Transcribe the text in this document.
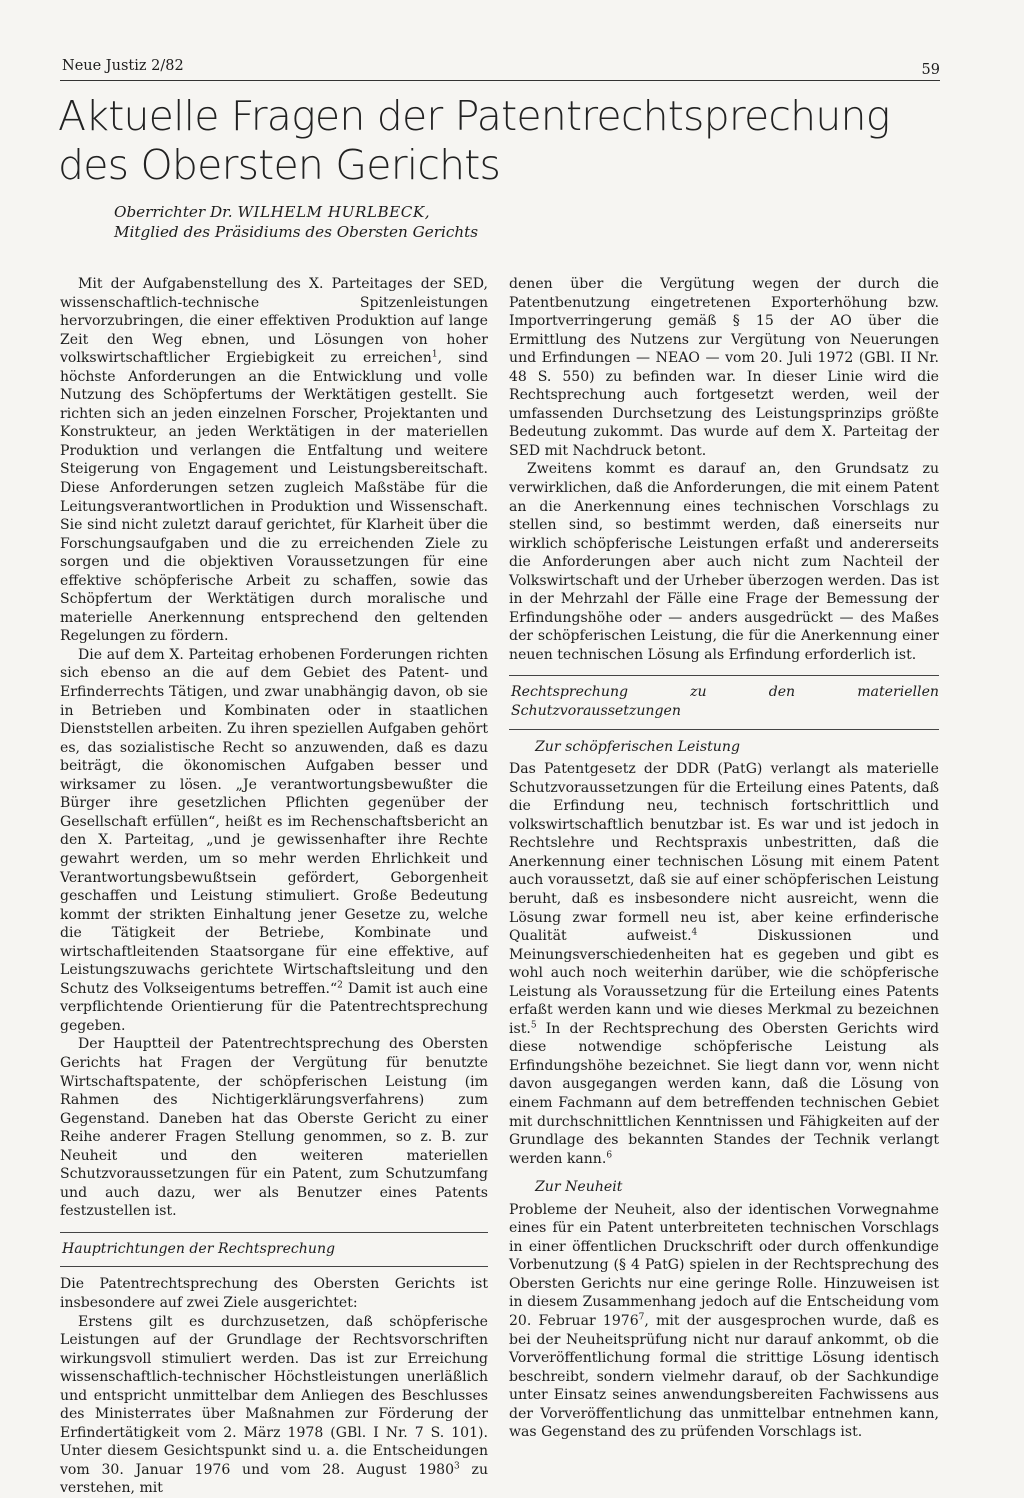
Neue Justiz 2/82	59
Aktuelle Fragen der Patentrechtsprechung
des Obersten Gerichts
Oberrichter Dr. WILHELM HURLBECK,
Mitglied des Präsidiums des Obersten Gerichts

Mit der Aufgabenstellung des X. Parteitages der SED, wissenschaftlich-technische Spitzenleistungen hervorzubringen, die einer effektiven Produktion auf lange Zeit den Weg ebnen, und Lösungen von hoher volkswirtschaftlicher Ergiebigkeit zu erreichen$^1$, sind höchste Anforderungen an die Entwicklung und volle Nutzung des Schöpfertums der Werktätigen gestellt. Sie richten sich an jeden einzelnen Forscher, Projektanten und Konstrukteur, an jeden Werktätigen in der materiellen Produktion und verlangen die Entfaltung und weitere Steigerung von Engagement und Leistungsbereitschaft. Diese Anforderungen setzen zugleich Maßstäbe für die Leitungsverantwortlichen in Produktion und Wissenschaft. Sie sind nicht zuletzt darauf gerichtet, für Klarheit über die Forschungsaufgaben und die zu erreichenden Ziele zu sorgen und die objektiven Voraussetzungen für eine effektive schöpferische Arbeit zu schaffen, sowie das Schöpfertum der Werktätigen durch moralische und materielle Anerkennung entsprechend den geltenden Regelungen zu fördern.

Die auf dem X. Parteitag erhobenen Forderungen richten sich ebenso an die auf dem Gebiet des Patent- und Erfinderrechts Tätigen, und zwar unabhängig davon, ob sie in Betrieben und Kombinaten oder in staatlichen Dienststellen arbeiten. Zu ihren speziellen Aufgaben gehört es, das sozialistische Recht so anzuwenden, daß es dazu beiträgt, die ökonomischen Aufgaben besser und wirksamer zu lösen. „Je verantwortungsbewußter die Bürger ihre gesetzlichen Pflichten gegenüber der Gesellschaft erfüllen“, heißt es im Rechenschaftsbericht an den X. Parteitag, „und je gewissenhafter ihre Rechte gewahrt werden, um so mehr werden Ehrlichkeit und Verantwortungsbewußtsein gefördert, Geborgenheit geschaffen und Leistung stimuliert. Große Bedeutung kommt der strikten Einhaltung jener Gesetze zu, welche die Tätigkeit der Betriebe, Kombinate und wirtschaftleitenden Staatsorgane für eine effektive, auf Leistungszuwachs gerichtete Wirtschaftsleitung und den Schutz des Volkseigentums betreffen.“$^2$ Damit ist auch eine verpflichtende Orientierung für die Patentrechtsprechung gegeben.

Der Hauptteil der Patentrechtsprechung des Obersten Gerichts hat Fragen der Vergütung für benutzte Wirtschaftspatente, der schöpferischen Leistung (im Rahmen des Nichtigerklärungsverfahrens) zum Gegenstand. Daneben hat das Oberste Gericht zu einer Reihe anderer Fragen Stellung genommen, so z. B. zur Neuheit und den weiteren materiellen Schutzvoraussetzungen für ein Patent, zum Schutzumfang und auch dazu, wer als Benutzer eines Patents festzustellen ist.

Hauptrichtungen der Rechtsprechung

Die Patentrechtsprechung des Obersten Gerichts ist insbesondere auf zwei Ziele ausgerichtet:

Erstens gilt es durchzusetzen, daß schöpferische Leistungen auf der Grundlage der Rechtsvorschriften wirkungsvoll stimuliert werden. Das ist zur Erreichung wissenschaftlich-technischer Höchstleistungen unerläßlich und entspricht unmittelbar dem Anliegen des Beschlusses des Ministerrates über Maßnahmen zur Förderung der Erfindertätigkeit vom 2. März 1978 (GBl. I Nr. 7 S. 101). Unter diesem Gesichtspunkt sind u. a. die Entscheidungen vom 30. Januar 1976 und vom 28. August 1980$^3$ zu verstehen, mit

denen über die Vergütung wegen der durch die Patentbenutzung eingetretenen Exporterhöhung bzw. Importverringerung gemäß § 15 der AO über die Ermittlung des Nutzens zur Vergütung von Neuerungen und Erfindungen — NEAO — vom 20. Juli 1972 (GBl. II Nr. 48 S. 550) zu befinden war. In dieser Linie wird die Rechtsprechung auch fortgesetzt werden, weil der umfassenden Durchsetzung des Leistungsprinzips größte Bedeutung zukommt. Das wurde auf dem X. Parteitag der SED mit Nachdruck betont.

Zweitens kommt es darauf an, den Grundsatz zu verwirklichen, daß die Anforderungen, die mit einem Patent an die Anerkennung eines technischen Vorschlags zu stellen sind, so bestimmt werden, daß einerseits nur wirklich schöpferische Leistungen erfaßt und andererseits die Anforderungen aber auch nicht zum Nachteil der Volkswirtschaft und der Urheber überzogen werden. Das ist in der Mehrzahl der Fälle eine Frage der Bemessung der Erfindungshöhe oder — anders ausgedrückt — des Maßes der schöpferischen Leistung, die für die Anerkennung einer neuen technischen Lösung als Erfindung erforderlich ist.

Rechtsprechung zu den materiellen Schutzvoraussetzungen
Zur schöpferischen Leistung

Das Patentgesetz der DDR (PatG) verlangt als materielle Schutzvoraussetzungen für die Erteilung eines Patents, daß die Erfindung neu, technisch fortschrittlich und volkswirtschaftlich benutzbar ist. Es war und ist jedoch in Rechtslehre und Rechtspraxis unbestritten, daß die Anerkennung einer technischen Lösung mit einem Patent auch voraussetzt, daß sie auf einer schöpferischen Leistung beruht, daß es insbesondere nicht ausreicht, wenn die Lösung zwar formell neu ist, aber keine erfinderische Qualität aufweist.$^4$ Diskussionen und Meinungsverschiedenheiten hat es gegeben und gibt es wohl auch noch weiterhin darüber, wie die schöpferische Leistung als Voraussetzung für die Erteilung eines Patents erfaßt werden kann und wie dieses Merkmal zu bezeichnen ist.$^5$ In der Rechtsprechung des Obersten Gerichts wird diese notwendige schöpferische Leistung als Erfindungshöhe bezeichnet. Sie liegt dann vor, wenn nicht davon ausgegangen werden kann, daß die Lösung von einem Fachmann auf dem betreffenden technischen Gebiet mit durchschnittlichen Kenntnissen und Fähigkeiten auf der Grundlage des bekannten Standes der Technik verlangt werden kann.$^6$

Zur Neuheit

Probleme der Neuheit, also der identischen Vorwegnahme eines für ein Patent unterbreiteten technischen Vorschlags in einer öffentlichen Druckschrift oder durch offenkundige Vorbenutzung (§ 4 PatG) spielen in der Rechtsprechung des Obersten Gerichts nur eine geringe Rolle. Hinzuweisen ist in diesem Zusammenhang jedoch auf die Entscheidung vom 20. Februar 1976$^7$, mit der ausgesprochen wurde, daß es bei der Neuheitsprüfung nicht nur darauf ankommt, ob die Vorveröffentlichung formal die strittige Lösung identisch beschreibt, sondern vielmehr darauf, ob der Sachkundige unter Einsatz seines anwendungsbereiten Fachwissens aus der Vorveröffentlichung das unmittelbar entnehmen kann, was Gegenstand des zu prüfenden Vorschlags ist.
